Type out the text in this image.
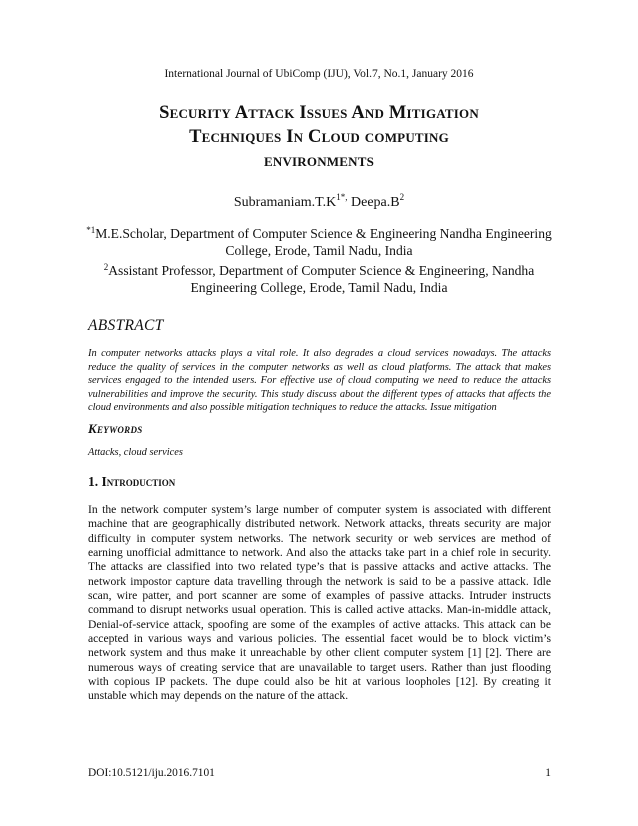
International Journal of UbiComp (IJU), Vol.7, No.1, January 2016
Security Attack Issues And Mitigation
Techniques In Cloud computing
environments
$Subramaniam.T.K^{1*,}$ $Deepa.B^2$
$^{*1}$M.E.Scholar, Department of Computer Science & Engineering Nandha Engineering College, Erode, Tamil Nadu, India
$^2$Assistant Professor, Department of Computer Science & Engineering, Nandha Engineering College, Erode, Tamil Nadu, India
ABSTRACT
In computer networks attacks plays a vital role. It also degrades a cloud services nowadays. The attacks reduce the quality of services in the computer networks as well as cloud platforms. The attack that makes services engaged to the intended users. For effective use of cloud computing we need to reduce the attacks vulnerabilities and improve the security. This study discuss about the different types of attacks that affects the cloud environments and also possible mitigation techniques to reduce the attacks. Issue mitigation
Keywords
Attacks, cloud services
1. Introduction
In the network computer system’s large number of computer system is associated with different machine that are geographically distributed network. Network attacks, threats security are major difficulty in computer system networks. The network security or web services are method of earning unofficial admittance to network. And also the attacks take part in a chief role in security. The attacks are classified into two related type’s that is passive attacks and active attacks. The network impostor capture data travelling through the network is said to be a passive attack. Idle scan, wire patter, and port scanner are some of examples of passive attacks. Intruder instructs command to disrupt networks usual operation. This is called active attacks. Man-in-middle attack, Denial-of-service attack, spoofing are some of the examples of active attacks. This attack can be accepted in various ways and various policies. The essential facet would be to block victim’s network system and thus make it unreachable by other client computer system [1] [2]. There are numerous ways of creating service that are unavailable to target users. Rather than just flooding with copious IP packets. The dupe could also be hit at various loopholes [12]. By creating it unstable which may depends on the nature of the attack.
DOI:10.5121/iju.2016.7101	1
